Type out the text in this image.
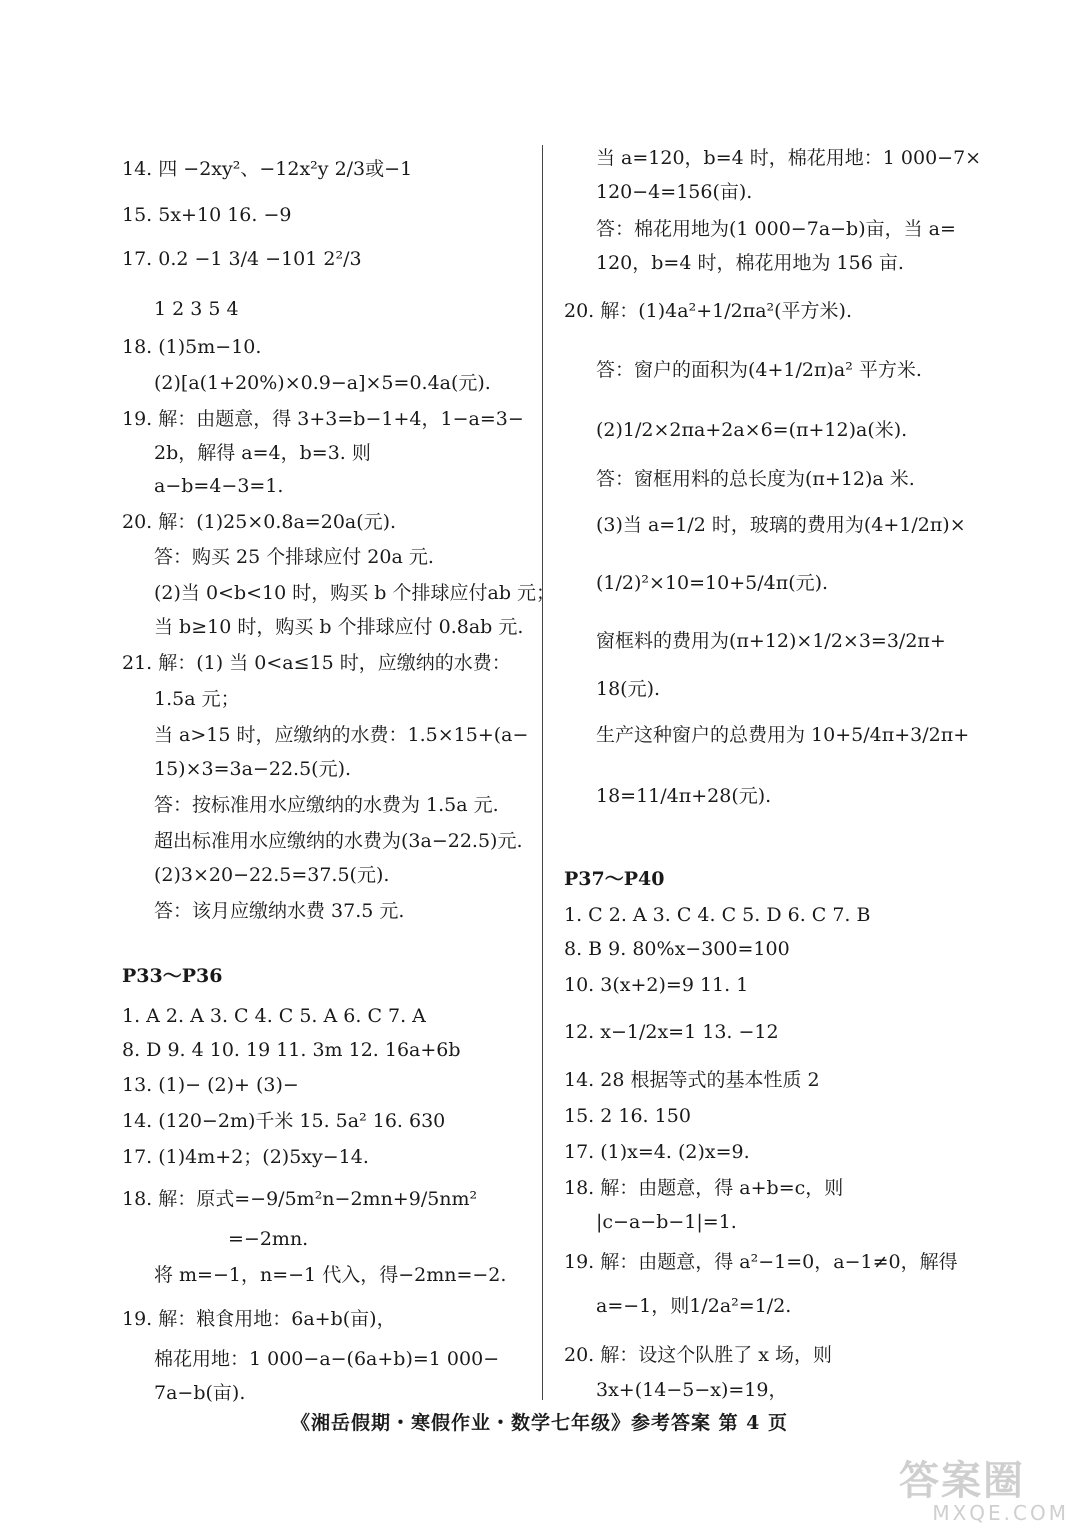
14. 四 −2xy²、−12x²y 2/3或−1
15. 5x+10 16. −9
17. 0.2 −1 3/4 −101 2²/3
1 2 3 5 4
18. (1)5m−10.
(2)[a(1+20%)×0.9−a]×5=0.4a(元).
19. 解：由题意，得 3+3=b−1+4，1−a=3−
2b，解得 a=4，b=3. 则
a−b=4−3=1.
20. 解：(1)25×0.8a=20a(元).
答：购买 25 个排球应付 20a 元.
(2)当 0<b<10 时，购买 b 个排球应付ab 元；
当 b≥10 时，购买 b 个排球应付 0.8ab 元.
21. 解：(1) 当 0<a≤15 时，应缴纳的水费：
1.5a 元；
当 a>15 时，应缴纳的水费：1.5×15+(a−
15)×3=3a−22.5(元).
答：按标准用水应缴纳的水费为 1.5a 元.
超出标准用水应缴纳的水费为(3a−22.5)元.
(2)3×20−22.5=37.5(元).
答：该月应缴纳水费 37.5 元.
P33～P36
1. A 2. A 3. C 4. C 5. A 6. C 7. A
8. D 9. 4 10. 19 11. 3m 12. 16a+6b
13. (1)− (2)+ (3)−
14. (120−2m)千米 15. 5a² 16. 630
17. (1)4m+2；(2)5xy−14.
18. 解：原式=−9/5m²n−2mn+9/5nm²
=−2mn.
将 m=−1，n=−1 代入，得−2mn=−2.
19. 解：粮食用地：6a+b(亩)，
棉花用地：1 000−a−(6a+b)=1 000−
7a−b(亩).
当 a=120，b=4 时，棉花用地：1 000−7×
120−4=156(亩).
答：棉花用地为(1 000−7a−b)亩，当 a=
120，b=4 时，棉花用地为 156 亩.
20. 解：(1)4a²+1/2πa²(平方米).
答：窗户的面积为(4+1/2π)a² 平方米.
(2)1/2×2πa+2a×6=(π+12)a(米).
答：窗框用料的总长度为(π+12)a 米.
(3)当 a=1/2 时，玻璃的费用为(4+1/2π)×
(1/2)²×10=10+5/4π(元).
窗框料的费用为(π+12)×1/2×3=3/2π+
18(元).
生产这种窗户的总费用为 10+5/4π+3/2π+
18=11/4π+28(元).
P37～P40
1. C 2. A 3. C 4. C 5. D 6. C 7. B
8. B 9. 80%x−300=100
10. 3(x+2)=9 11. 1
12. x−1/2x=1 13. −12
14. 28 根据等式的基本性质 2
15. 2 16. 150
17. (1)x=4. (2)x=9.
18. 解：由题意，得 a+b=c，则
|c−a−b−1|=1.
19. 解：由题意，得 a²−1=0，a−1≠0，解得
a=−1，则1/2a²=1/2.
20. 解：设这个队胜了 x 场，则
3x+(14−5−x)=19，
《湘岳假期・寒假作业・数学七年级》参考答案 第 4 页
答案圈
MXQE.COM
